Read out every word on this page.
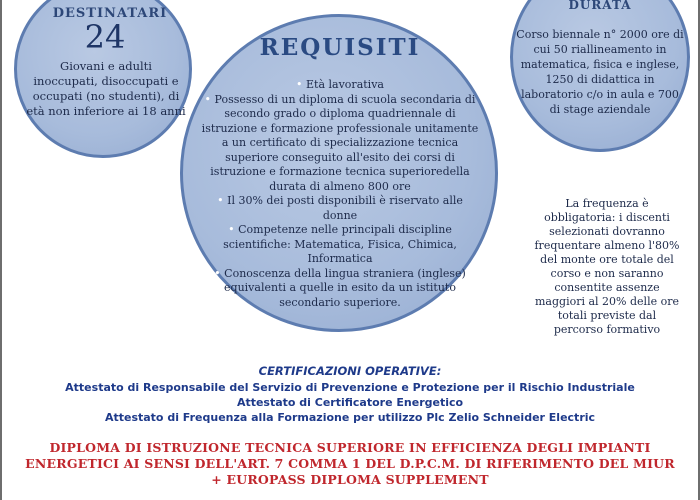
DESTINATARI
24
Giovani e adulti inoccupati, disoccupati e occupati (no studenti), di età non inferiore ai 18 anni
REQUISITI
• Età lavorativa
• Possesso di un diploma di scuola secondaria di secondo grado o diploma quadriennale di istruzione e formazione professionale unitamente a un certificato di specializzazione tecnica superiore conseguito all'esito dei corsi di istruzione e formazione tecnica superioredella durata di almeno 800 ore
• Il 30% dei posti disponibili è riservato alle donne
• Competenze nelle principali discipline scientifiche: Matematica, Fisica, Chimica, Informatica
• Conoscenza della lingua straniera (inglese) equivalenti a quelle in esito da un istituto secondario superiore.
DURATA
Corso biennale n° 2000 ore di cui 50 riallineamento in matematica, fisica e inglese, 1250 di didattica in laboratorio c/o in aula e 700 di stage aziendale
La frequenza è obbligatoria: i discenti selezionati dovranno frequentare almeno l'80% del monte ore totale del corso e non saranno consentite assenze maggiori al 20% delle ore totali previste dal percorso formativo
CERTIFICAZIONI OPERATIVE:
Attestato di Responsabile del Servizio di Prevenzione e Protezione per il Rischio Industriale
Attestato di Certificatore Energetico
Attestato di Frequenza alla Formazione per utilizzo Plc Zelio Schneider Electric
DIPLOMA DI ISTRUZIONE TECNICA SUPERIORE IN EFFICIENZA DEGLI IMPIANTI ENERGETICI AI SENSI DELL'ART. 7 COMMA 1 DEL D.P.C.M. DI RIFERIMENTO DEL MIUR + EUROPASS DIPLOMA SUPPLEMENT
